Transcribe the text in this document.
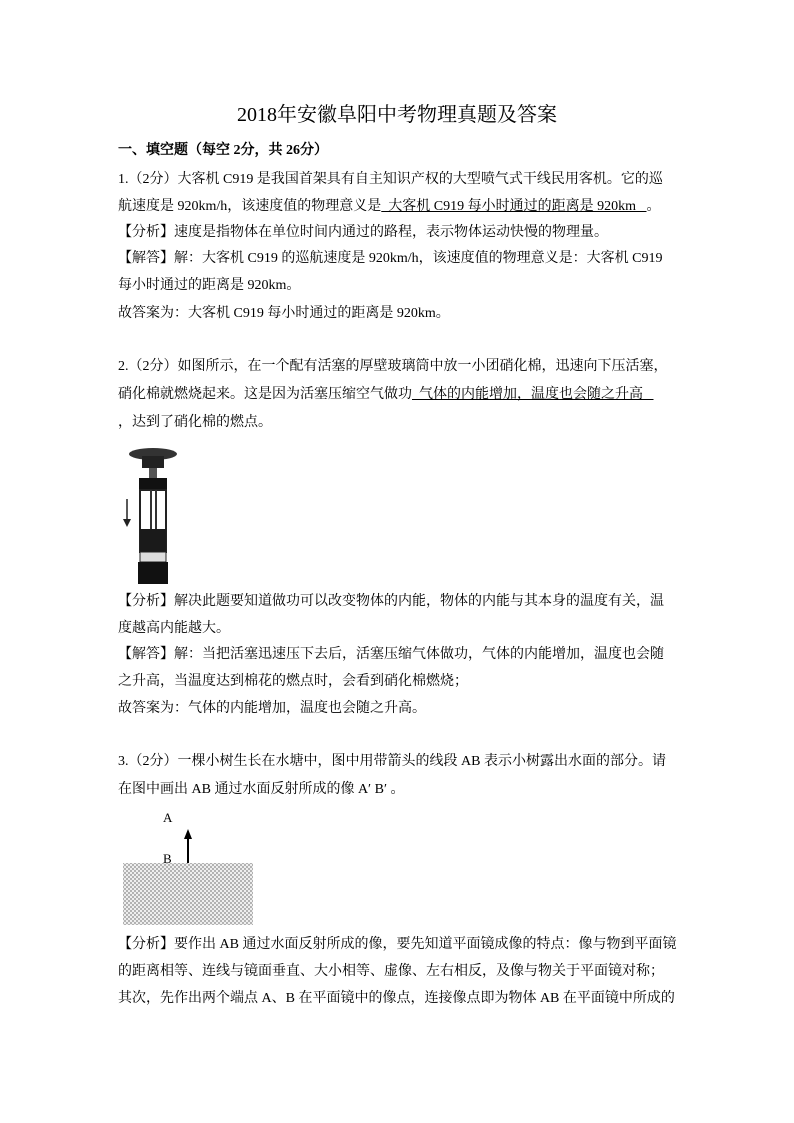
2018年安徽阜阳中考物理真题及答案
一、填空题（每空 2分，共 26分）
1.（2分）大客机 C919 是我国首架具有自主知识产权的大型喷气式干线民用客机。它的巡
航速度是 920km/h，该速度值的物理意义是  大客机 C919 每小时通过的距离是 920km   。
【分析】速度是指物体在单位时间内通过的路程，表示物体运动快慢的物理量。
【解答】解：大客机 C919 的巡航速度是 920km/h，该速度值的物理意义是：大客机 C919
每小时通过的距离是 920km。
故答案为：大客机 C919 每小时通过的距离是 920km。
2.（2分）如图所示，在一个配有活塞的厚壁玻璃筒中放一小团硝化棉，迅速向下压活塞，
硝化棉就燃烧起来。这是因为活塞压缩空气做功  气体的内能增加，温度也会随之升高
，达到了硝化棉的燃点。
【分析】解决此题要知道做功可以改变物体的内能，物体的内能与其本身的温度有关，温
度越高内能越大。
【解答】解：当把活塞迅速压下去后，活塞压缩气体做功，气体的内能增加，温度也会随
之升高，当温度达到棉花的燃点时，会看到硝化棉燃烧；
故答案为：气体的内能增加，温度也会随之升高。
3.（2分）一棵小树生长在水塘中，图中用带箭头的线段 AB 表示小树露出水面的部分。请
在图中画出 AB 通过水面反射所成的像 A′ B′ 。
A
B
【分析】要作出 AB 通过水面反射所成的像，要先知道平面镜成像的特点：像与物到平面镜
的距离相等、连线与镜面垂直、大小相等、虚像、左右相反，及像与物关于平面镜对称；
其次，先作出两个端点 A、B 在平面镜中的像点，连接像点即为物体 AB 在平面镜中所成的
